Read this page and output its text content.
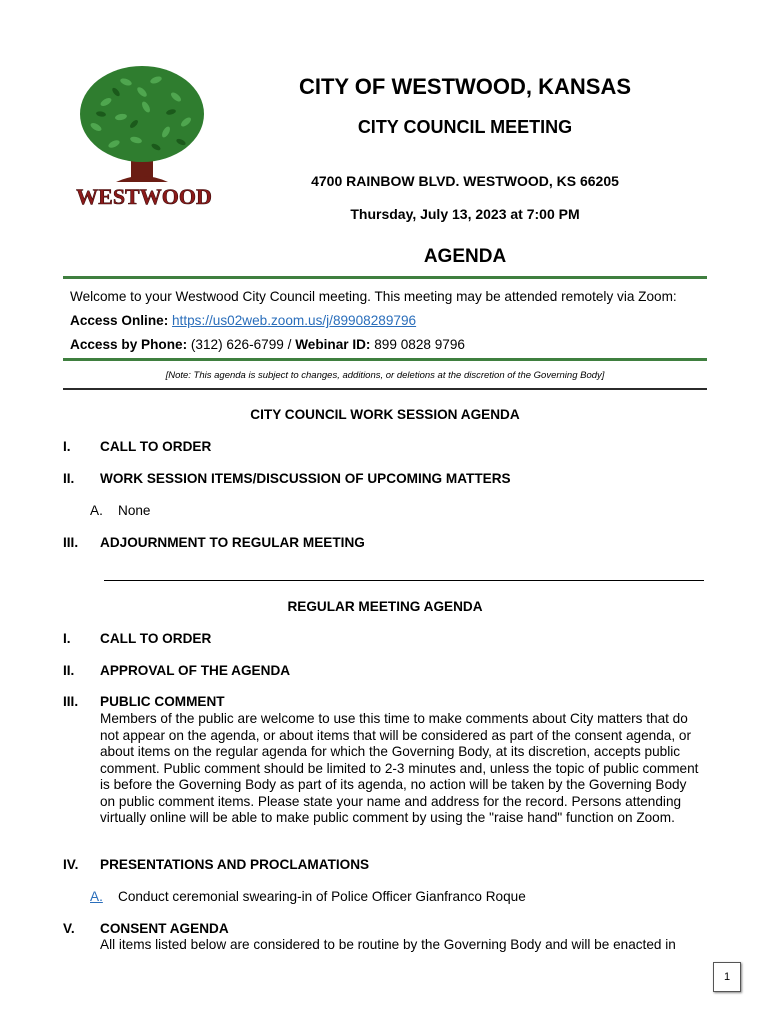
WESTWOOD
CITY OF WESTWOOD, KANSAS
CITY COUNCIL MEETING
4700 RAINBOW BLVD. WESTWOOD, KS 66205
Thursday, July 13, 2023 at 7:00 PM
AGENDA
Welcome to your Westwood City Council meeting. This meeting may be attended remotely via Zoom:
Access Online: https://us02web.zoom.us/j/89908289796
Access by Phone: (312) 626-6799 / Webinar ID: 899 0828 9796
[Note: This agenda is subject to changes, additions, or deletions at the discretion of the Governing Body]
CITY COUNCIL WORK SESSION AGENDA
I. CALL TO ORDER
II. WORK SESSION ITEMS/DISCUSSION OF UPCOMING MATTERS
A. None
III. ADJOURNMENT TO REGULAR MEETING
REGULAR MEETING AGENDA
I. CALL TO ORDER
II. APPROVAL OF THE AGENDA
III. PUBLIC COMMENT
Members of the public are welcome to use this time to make comments about City matters that do not appear on the agenda, or about items that will be considered as part of the consent agenda, or about items on the regular agenda for which the Governing Body, at its discretion, accepts public comment. Public comment should be limited to 2-3 minutes and, unless the topic of public comment is before the Governing Body as part of its agenda, no action will be taken by the Governing Body on public comment items. Please state your name and address for the record. Persons attending virtually online will be able to make public comment by using the "raise hand" function on Zoom.
IV. PRESENTATIONS AND PROCLAMATIONS
A. Conduct ceremonial swearing-in of Police Officer Gianfranco Roque
V. CONSENT AGENDA
All items listed below are considered to be routine by the Governing Body and will be enacted in
1
